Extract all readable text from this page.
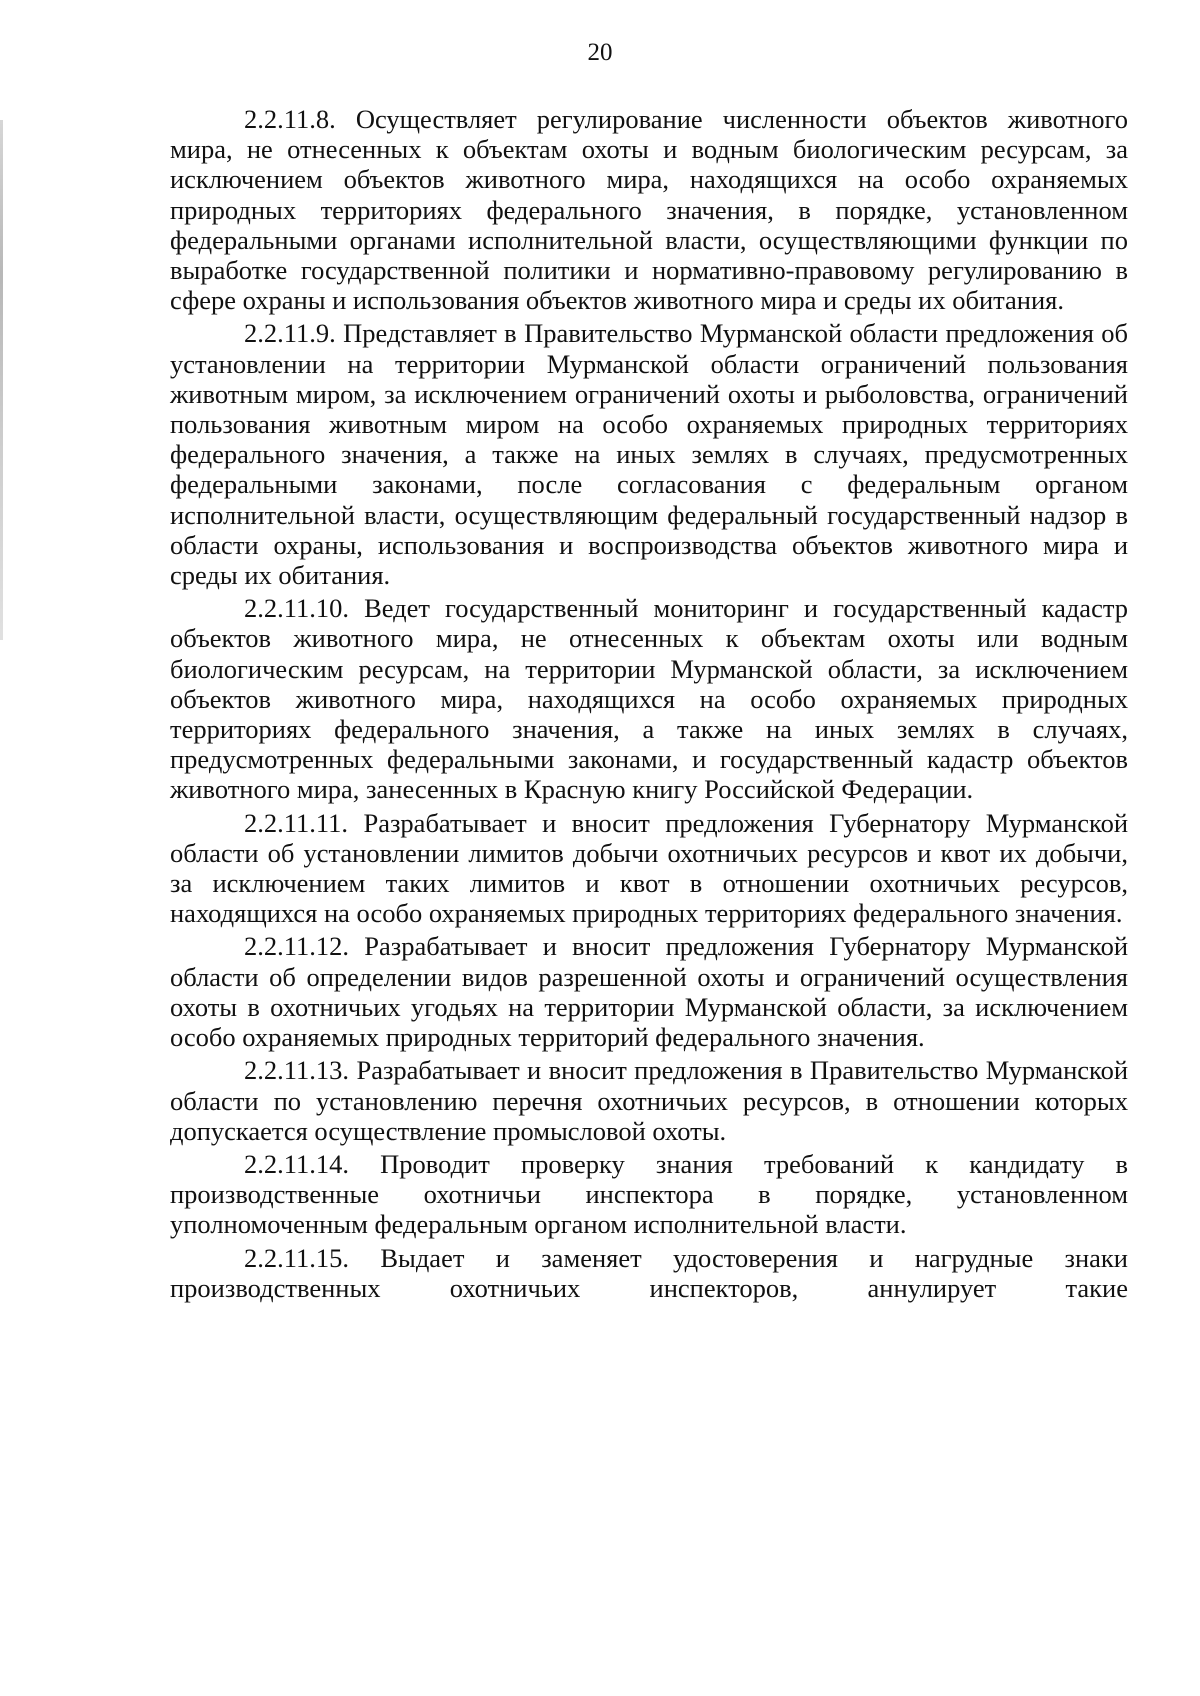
20

2.2.11.8. Осуществляет регулирование численности объектов животного мира, не отнесенных к объектам охоты и водным биологическим ресурсам, за исключением объектов животного мира, находящихся на особо охраняемых природных территориях федерального значения, в порядке, установленном федеральными органами исполнительной власти, осуществляющими функции по выработке государственной политики и нормативно-правовому регулированию в сфере охраны и использования объектов животного мира и среды их обитания.

2.2.11.9. Представляет в Правительство Мурманской области предложения об установлении на территории Мурманской области ограничений пользования животным миром, за исключением ограничений охоты и рыболовства, ограничений пользования животным миром на особо охраняемых природных территориях федерального значения, а также на иных землях в случаях, предусмотренных федеральными законами, после согласования с федеральным органом исполнительной власти, осуществляющим федеральный государственный надзор в области охраны, использования и воспроизводства объектов животного мира и среды их обитания.

2.2.11.10. Ведет государственный мониторинг и государственный кадастр объектов животного мира, не отнесенных к объектам охоты или водным биологическим ресурсам, на территории Мурманской области, за исключением объектов животного мира, находящихся на особо охраняемых природных территориях федерального значения, а также на иных землях в случаях, предусмотренных федеральными законами, и государственный кадастр объектов животного мира, занесенных в Красную книгу Российской Федерации.

2.2.11.11. Разрабатывает и вносит предложения Губернатору Мурманской области об установлении лимитов добычи охотничьих ресурсов и квот их добычи, за исключением таких лимитов и квот в отношении охотничьих ресурсов, находящихся на особо охраняемых природных территориях федерального значения.

2.2.11.12. Разрабатывает и вносит предложения Губернатору Мурманской области об определении видов разрешенной охоты и ограничений осуществления охоты в охотничьих угодьях на территории Мурманской области, за исключением особо охраняемых природных территорий федерального значения.

2.2.11.13. Разрабатывает и вносит предложения в Правительство Мурманской области по установлению перечня охотничьих ресурсов, в отношении которых допускается осуществление промысловой охоты.

2.2.11.14. Проводит проверку знания требований к кандидату в производственные охотничьи инспектора в порядке, установленном уполномоченным федеральным органом исполнительной власти.

2.2.11.15. Выдает и заменяет удостоверения и нагрудные знаки производственных охотничьих инспекторов, аннулирует такие
